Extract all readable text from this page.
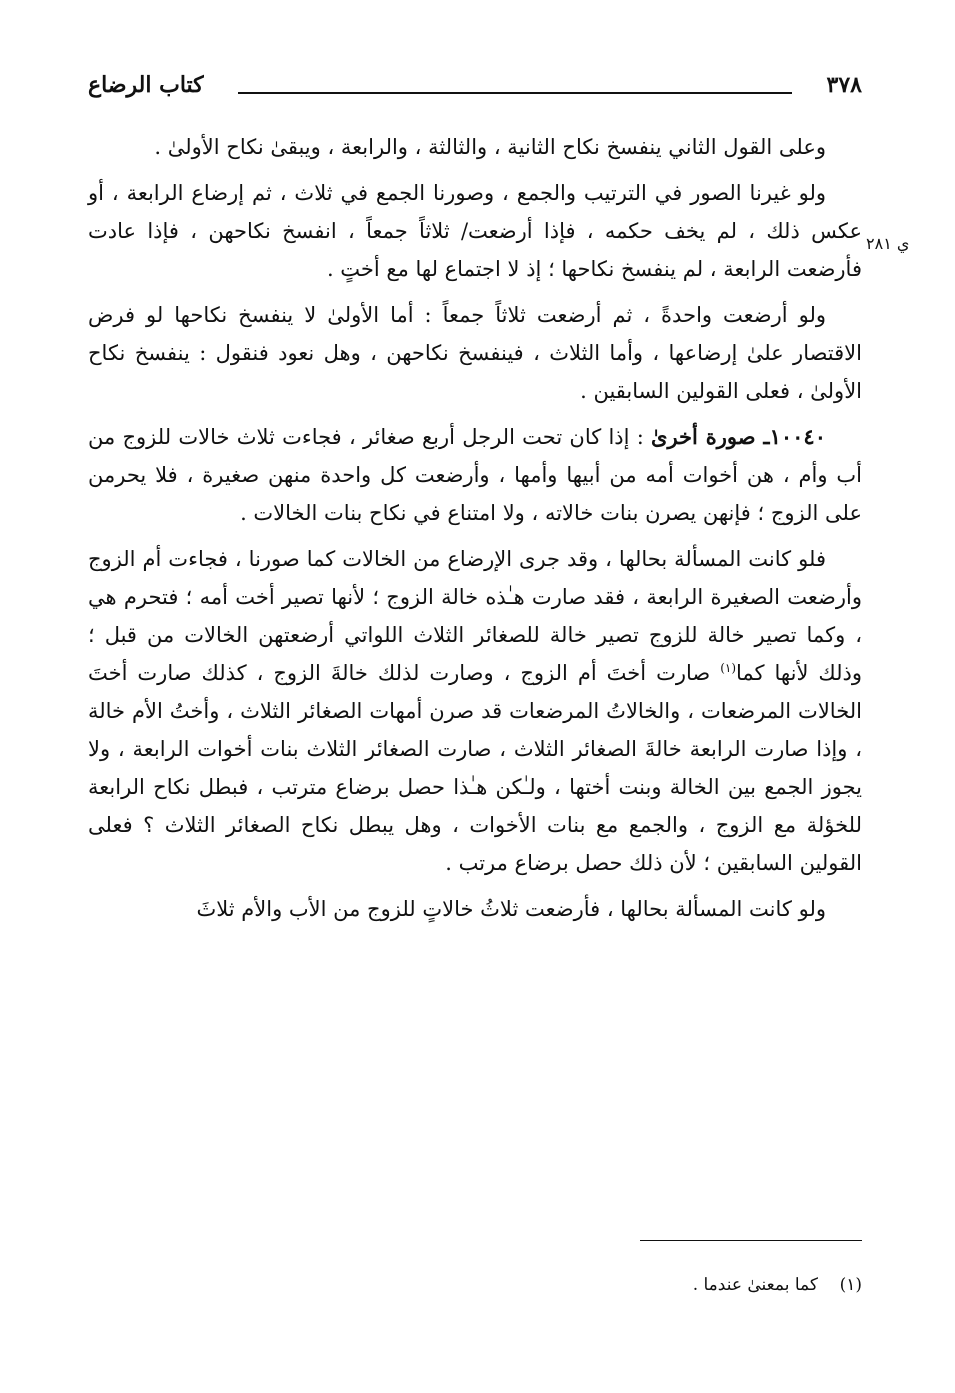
٣٧٨
كتاب الرضاع
ي ٢٨١

وعلى القول الثاني ينفسخ نكاح الثانية ، والثالثة ، والرابعة ، ويبقىٰ نكاح الأولىٰ .

ولو غيرنا الصور في الترتيب والجمع ، وصورنا الجمع في ثلاث ، ثم إرضاع الرابعة ، أو عكس ذلك ، لم يخف حكمه ، فإذا أرضعت/ ثلاثاً جمعاً ، انفسخ نكاحهن ، فإذا عادت فأرضعت الرابعة ، لم ينفسخ نكاحها ؛ إذ لا اجتماع لها مع أختٍ .

ولو أرضعت واحدةً ، ثم أرضعت ثلاثاً جمعاً : أما الأولىٰ لا ينفسخ نكاحها لو فرض الاقتصار علىٰ إرضاعها ، وأما الثلاث ، فينفسخ نكاحهن ، وهل نعود فنقول : ينفسخ نكاح الأولىٰ ، فعلى القولين السابقين .

١٠٠٤٠ـ صورة أخرىٰ : إذا كان تحت الرجل أربع صغائر ، فجاءت ثلاث خالات للزوج من أب وأم ، هن أخوات أمه من أبيها وأمها ، وأرضعت كل واحدة منهن صغيرة ، فلا يحرمن على الزوج ؛ فإنهن يصرن بنات خالاته ، ولا امتناع في نكاح بنات الخالات .

فلو كانت المسألة بحالها ، وقد جرى الإرضاع من الخالات كما صورنا ، فجاءت أم الزوج وأرضعت الصغيرة الرابعة ، فقد صارت هـٰذه خالة الزوج ؛ لأنها تصير أخت أمه ؛ فتحرم هي ، وكما تصير خالة للزوج تصير خالة للصغائر الثلاث اللواتي أرضعتهن الخالات من قبل ؛ وذلك لأنها كما$^{(١)}$ صارت أختَ أم الزوج ، وصارت لذلك خالةَ الزوج ، كذلك صارت أختَ الخالات المرضعات ، والخالاتُ المرضعات قد صرن أمهات الصغائر الثلاث ، وأختُ الأم خالة ، وإذا صارت الرابعة خالةَ الصغائر الثلاث ، صارت الصغائر الثلاث بنات أخوات الرابعة ، ولا يجوز الجمع بين الخالة وبنت أختها ، ولـٰكن هـٰذا حصل برضاع مترتب ، فبطل نكاح الرابعة للخؤلة مع الزوج ، والجمع مع بنات الأخوات ، وهل يبطل نكاح الصغائر الثلاث ؟ فعلى القولين السابقين ؛ لأن ذلك حصل برضاع مرتب .

ولو كانت المسألة بحالها ، فأرضعت ثلاثُ خالاتٍ للزوج من الأب والأم ثلاثَ

(١)    كما بمعنىٰ عندما .
